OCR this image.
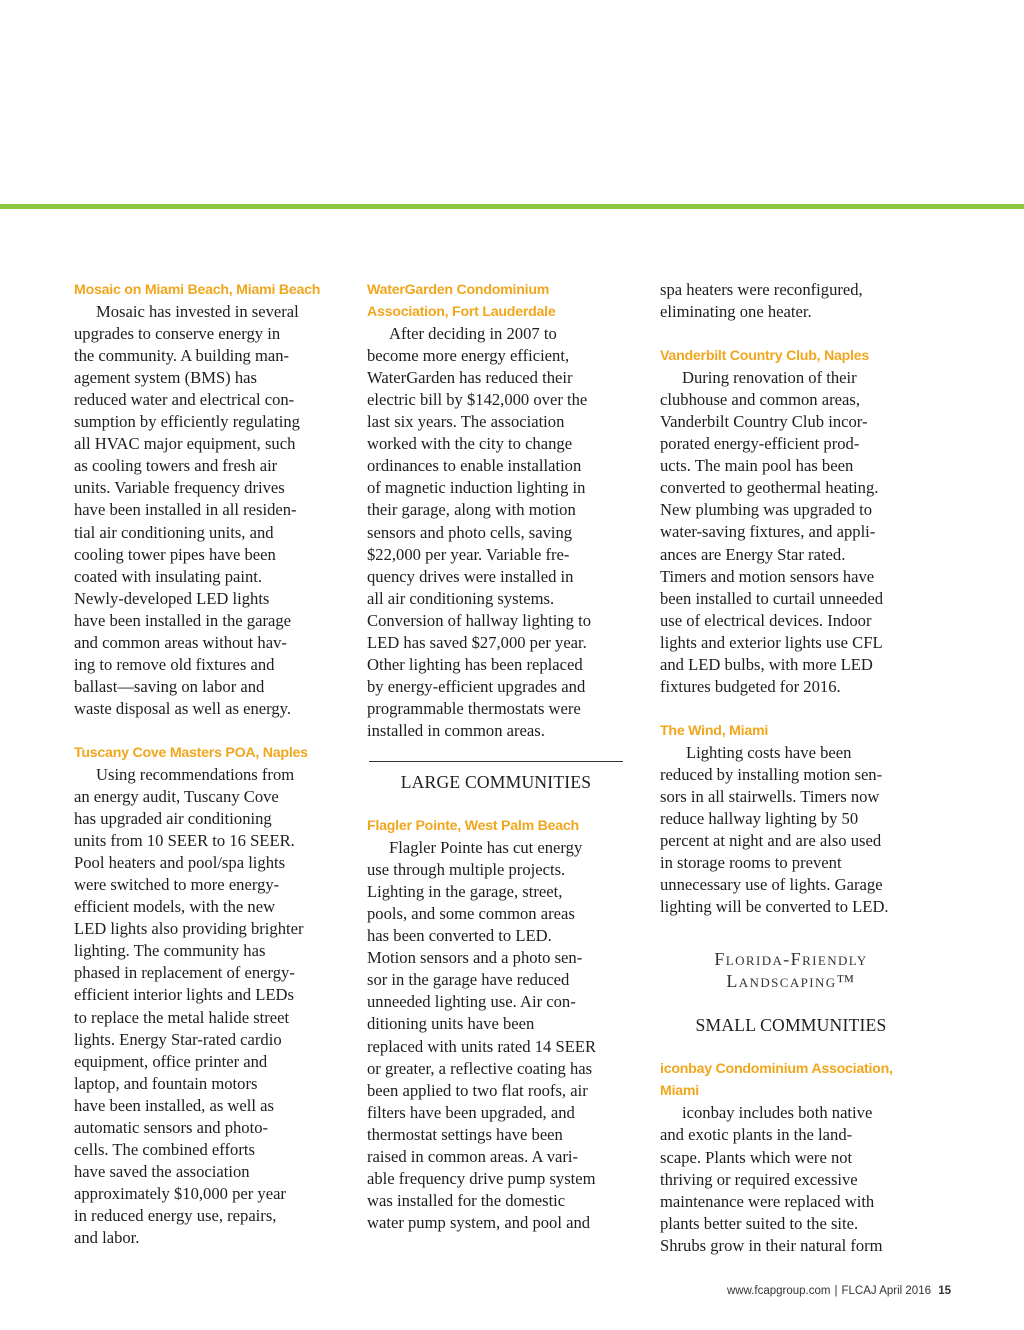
Mosaic on Miami Beach, Miami Beach
Mosaic has invested in several
upgrades to conserve energy in
the community. A building man-
agement system (BMS) has
reduced water and electrical con-
sumption by efficiently regulating
all HVAC major equipment, such
as cooling towers and fresh air
units. Variable frequency drives
have been installed in all residen-
tial air conditioning units, and
cooling tower pipes have been
coated with insulating paint.
Newly-developed LED lights
have been installed in the garage
and common areas without hav-
ing to remove old fixtures and
ballast—saving on labor and
waste disposal as well as energy.
Tuscany Cove Masters POA, Naples
Using recommendations from
an energy audit, Tuscany Cove
has upgraded air conditioning
units from 10 SEER to 16 SEER.
Pool heaters and pool/spa lights
were switched to more energy-
efficient models, with the new
LED lights also providing brighter
lighting. The community has
phased in replacement of energy-
efficient interior lights and LEDs
to replace the metal halide street
lights. Energy Star-rated cardio
equipment, office printer and
laptop, and fountain motors
have been installed, as well as
automatic sensors and photo-
cells. The combined efforts
have saved the association
approximately $10,000 per year
in reduced energy use, repairs,
and labor.
WaterGarden Condominium
Association, Fort Lauderdale
After deciding in 2007 to
become more energy efficient,
WaterGarden has reduced their
electric bill by $142,000 over the
last six years. The association
worked with the city to change
ordinances to enable installation
of magnetic induction lighting in
their garage, along with motion
sensors and photo cells, saving
$22,000 per year. Variable fre-
quency drives were installed in
all air conditioning systems.
Conversion of hallway lighting to
LED has saved $27,000 per year.
Other lighting has been replaced
by energy-efficient upgrades and
programmable thermostats were
installed in common areas.
LARGE COMMUNITIES
Flagler Pointe, West Palm Beach
Flagler Pointe has cut energy
use through multiple projects.
Lighting in the garage, street,
pools, and some common areas
has been converted to LED.
Motion sensors and a photo sen-
sor in the garage have reduced
unneeded lighting use. Air con-
ditioning units have been
replaced with units rated 14 SEER
or greater, a reflective coating has
been applied to two flat roofs, air
filters have been upgraded, and
thermostat settings have been
raised in common areas. A vari-
able frequency drive pump system
was installed for the domestic
water pump system, and pool and
spa heaters were reconfigured,
eliminating one heater.
Vanderbilt Country Club, Naples
During renovation of their
clubhouse and common areas,
Vanderbilt Country Club incor-
porated energy-efficient prod-
ucts. The main pool has been
converted to geothermal heating.
New plumbing was upgraded to
water-saving fixtures, and appli-
ances are Energy Star rated.
Timers and motion sensors have
been installed to curtail unneeded
use of electrical devices. Indoor
lights and exterior lights use CFL
and LED bulbs, with more LED
fixtures budgeted for 2016.
The Wind, Miami
Lighting costs have been
reduced by installing motion sen-
sors in all stairwells. Timers now
reduce hallway lighting by 50
percent at night and are also used
in storage rooms to prevent
unnecessary use of lights. Garage
lighting will be converted to LED.
Florida-Friendly
Landscaping™
SMALL COMMUNITIES
iconbay Condominium Association,
Miami
iconbay includes both native
and exotic plants in the land-
scape. Plants which were not
thriving or required excessive
maintenance were replaced with
plants better suited to the site.
Shrubs grow in their natural form
www.fcapgroup.com | FLCAJ April 2016 15
